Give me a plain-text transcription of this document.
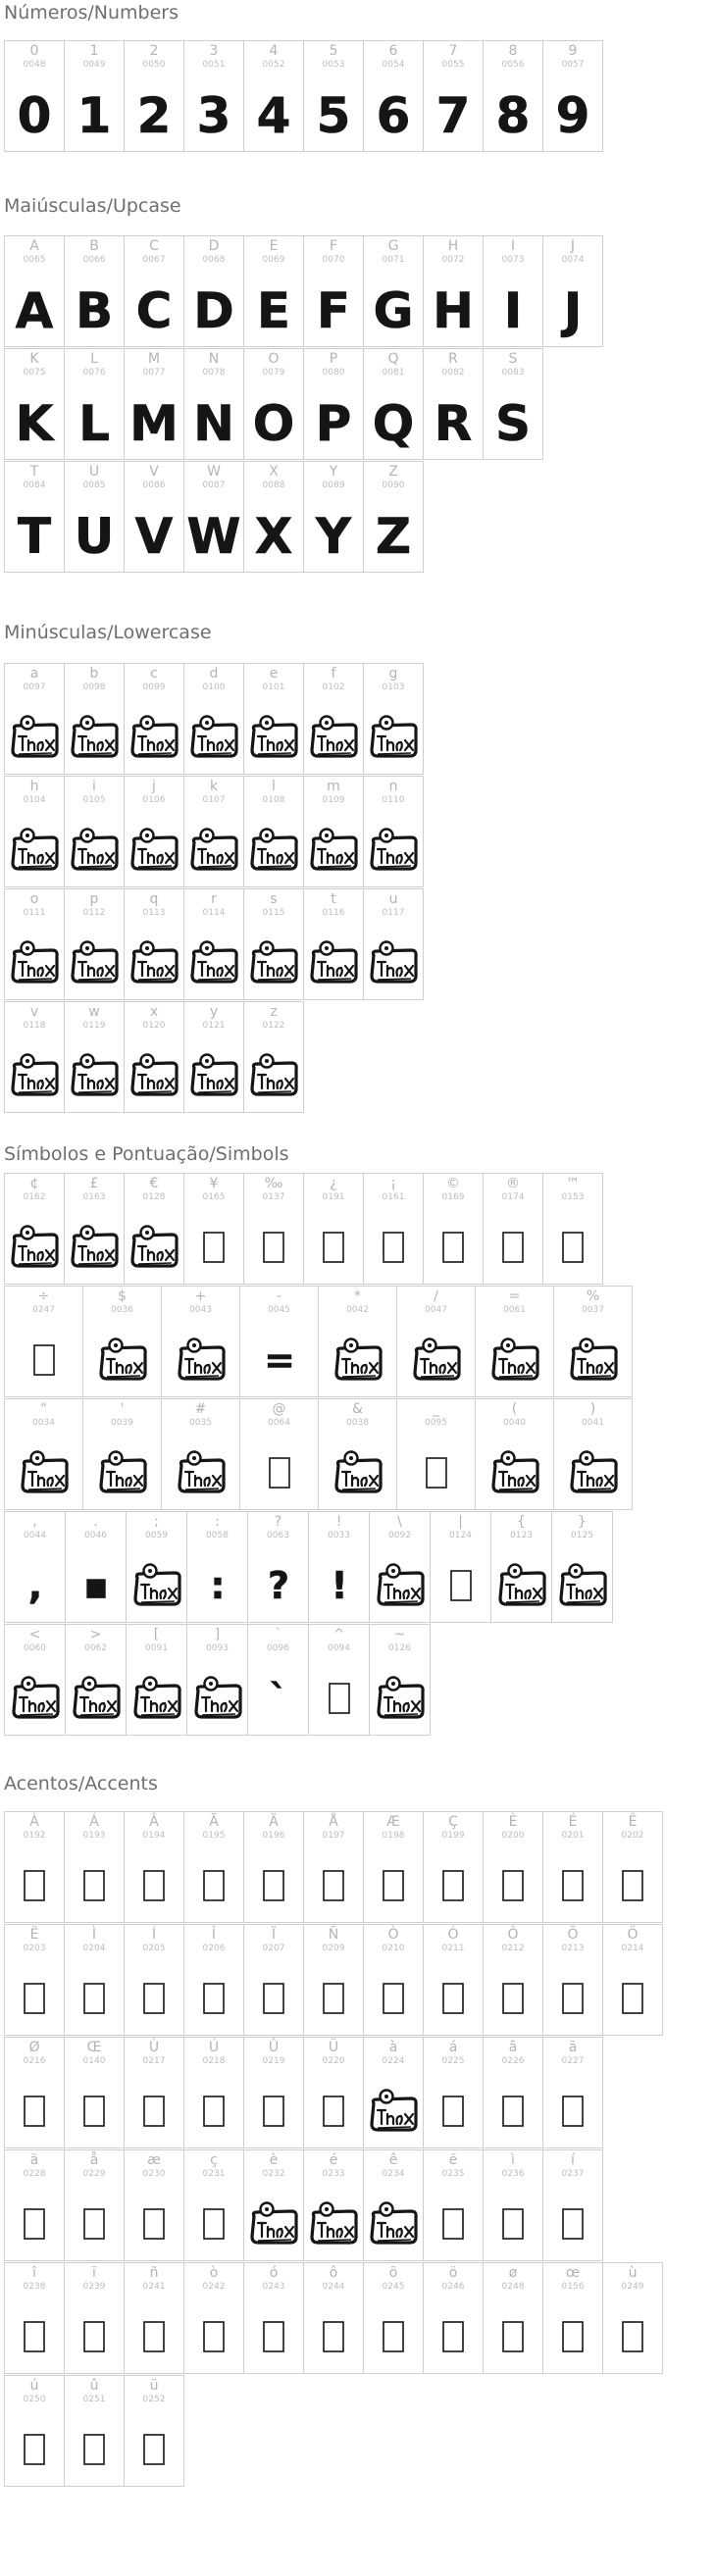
Números/Numbers
0
0048
0
1
0049
1
2
0050
2
3
0051
3
4
0052
4
5
0053
5
6
0054
6
7
0055
7
8
0056
8
9
0057
9
Maiúsculas/Upcase
A
0065
A
B
0066
B
C
0067
C
D
0068
D
E
0069
E
F
0070
F
G
0071
G
H
0072
H
I
0073
I
J
0074
J
K
0075
K
L
0076
L
M
0077
M
N
0078
N
O
0079
O
P
0080
P
Q
0081
Q
R
0082
R
S
0083
S
T
0084
T
U
0085
U
V
0086
V
W
0087
W
X
0088
X
Y
0089
Y
Z
0090
Z
Minúsculas/Lowercase
a
0097
b
0098
c
0099
d
0100
e
0101
f
0102
g
0103
h
0104
i
0105
j
0106
k
0107
l
0108
m
0109
n
0110
o
0111
p
0112
q
0113
r
0114
s
0115
t
0116
u
0117
v
0118
w
0119
x
0120
y
0121
z
0122
Símbolos e Pontuação/Simbols
¢
0162
£
0163
€
0128
¥
0165
‰
0137
¿
0191
¡
0161
©
0169
®
0174
™
0153
÷
0247
$
0036
+
0043
-
0045
=
*
0042
/
0047
=
0061
%
0037
"
0034
'
0039
#
0035
@
0064
&
0038
_
0095
(
0040
)
0041
,
0044
,
.
0046
▪
;
0059
:
0058
:
?
0063
?
!
0033
!
\
0092
|
0124
{
0123
}
0125
<
0060
>
0062
[
0091
]
0093
`
0096
`
^
0094
~
0126
Acentos/Accents
À
0192
Á
0193
Â
0194
Ã
0195
Ä
0196
Å
0197
Æ
0198
Ç
0199
È
0200
É
0201
Ê
0202
Ë
0203
Ì
0204
Í
0205
Î
0206
Ï
0207
Ñ
0209
Ò
0210
Ó
0211
Ô
0212
Õ
0213
Ö
0214
Ø
0216
Œ
0140
Ù
0217
Ú
0218
Û
0219
Ü
0220
à
0224
á
0225
â
0226
ã
0227
ä
0228
å
0229
æ
0230
ç
0231
è
0232
é
0233
ê
0234
ë
0235
ì
0236
í
0237
î
0238
ï
0239
ñ
0241
ò
0242
ó
0243
ô
0244
õ
0245
ö
0246
ø
0248
œ
0156
ù
0249
ú
0250
û
0251
ü
0252
